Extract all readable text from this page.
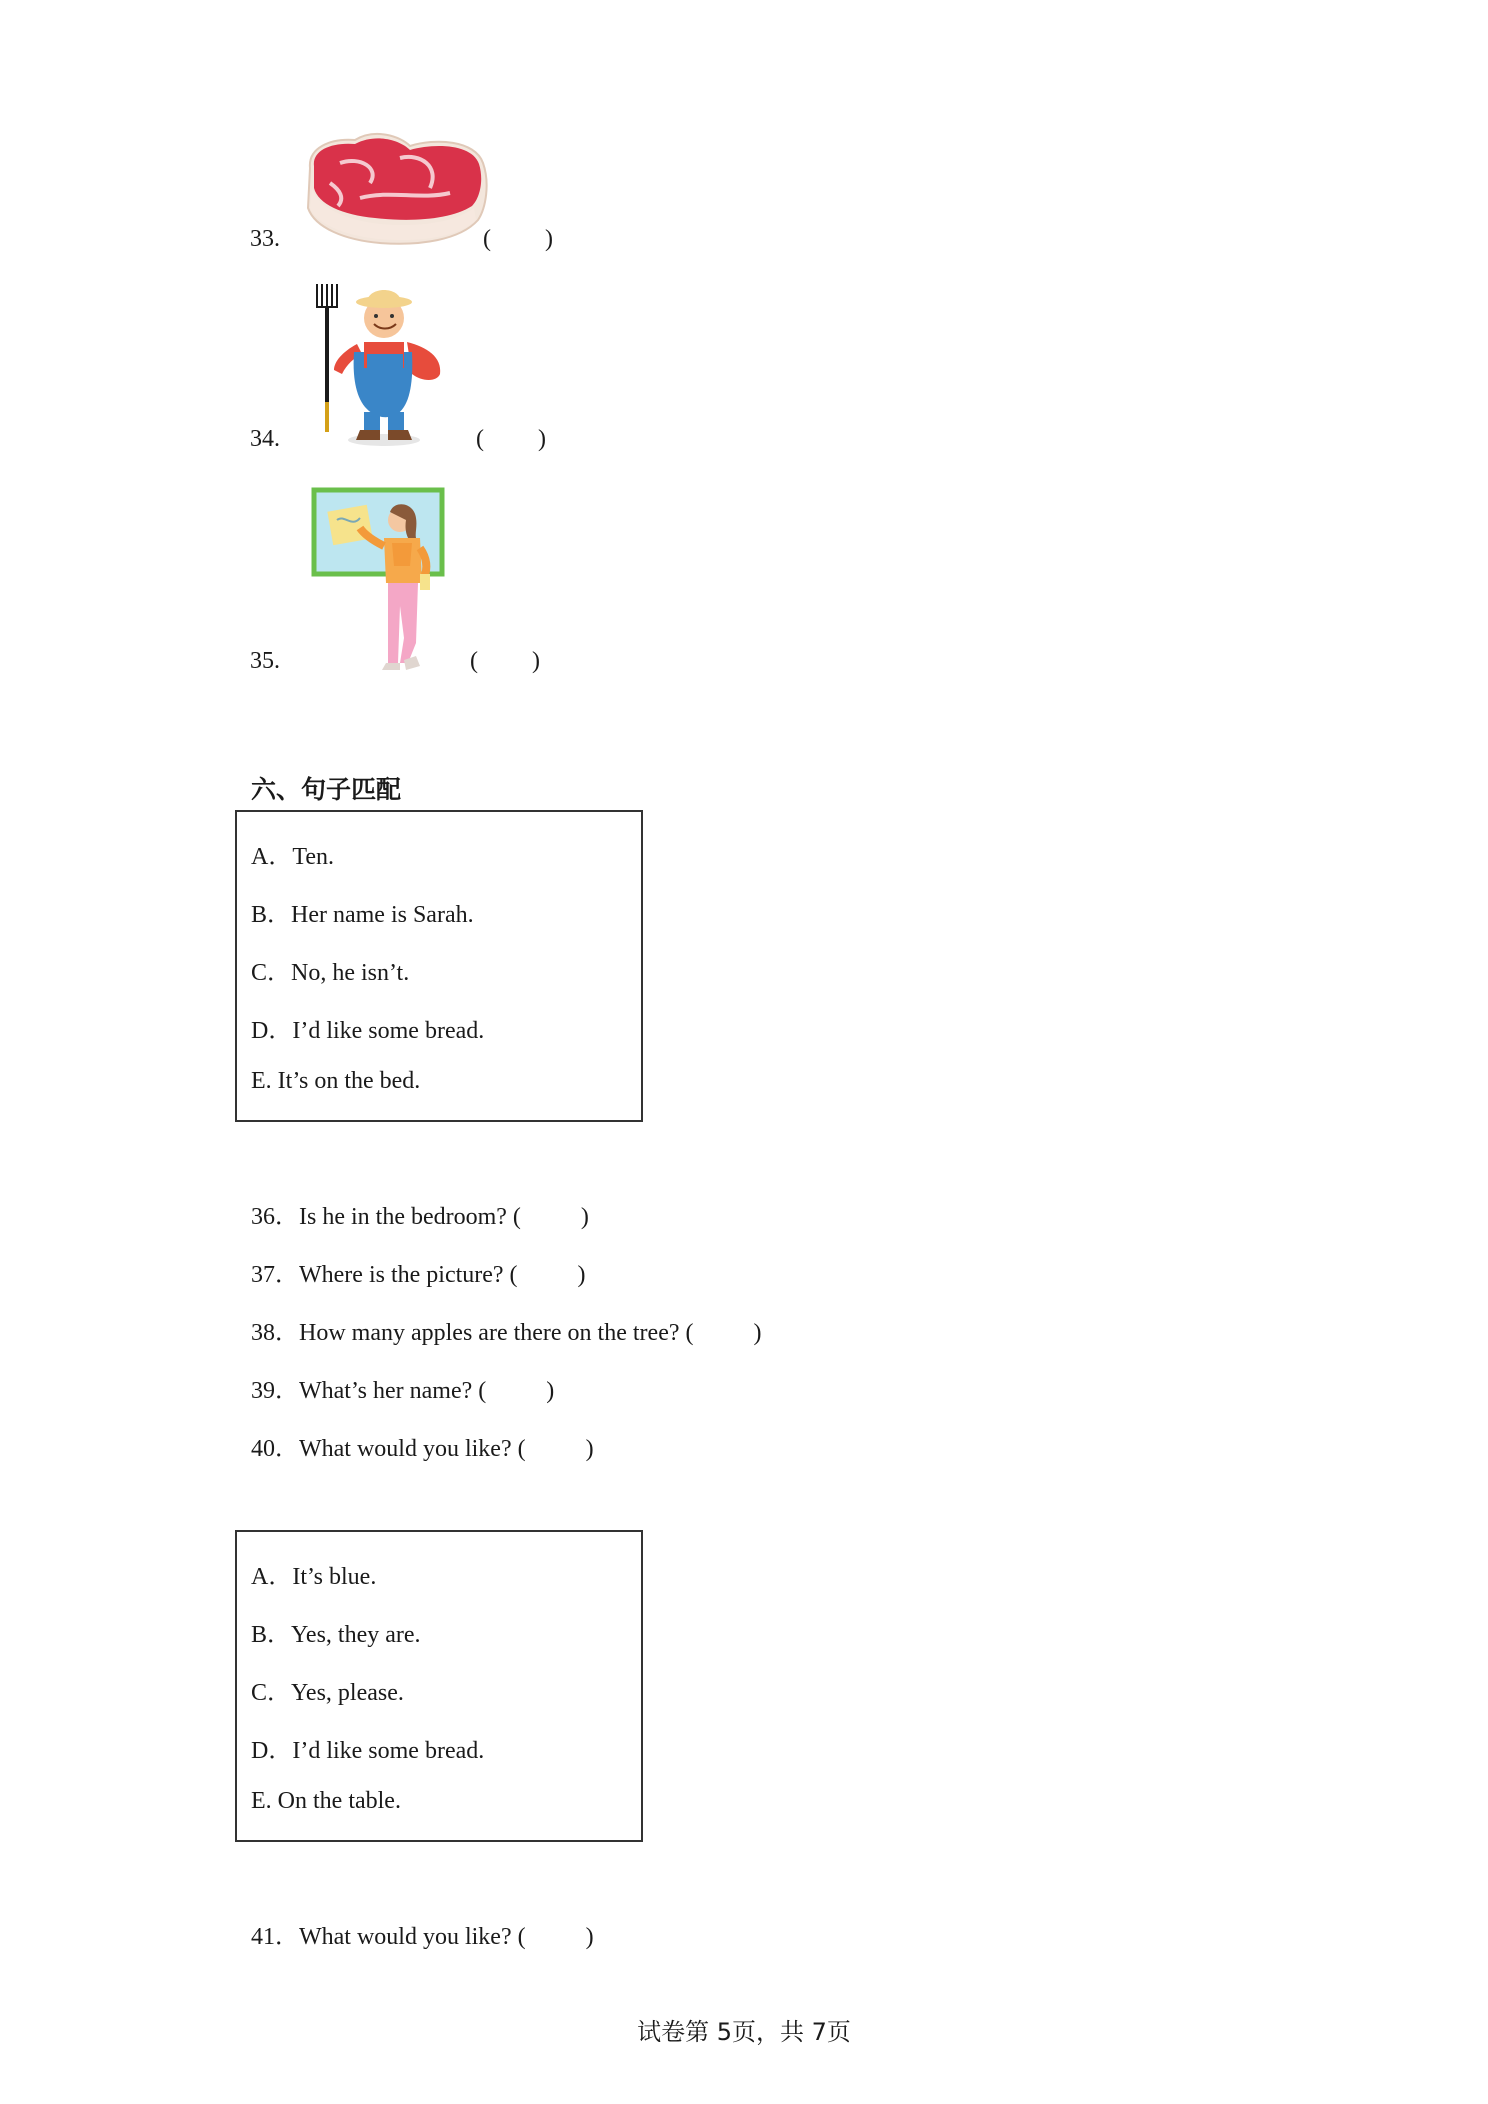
33.	(         )
34.	(         )
35.	(         )
六、句子匹配
A．Ten.
B．Her name is Sarah.
C．No, he isn’t.
D．I’d like some bread.
E. It’s on the bed.
36．Is he in the bedroom? (          )
37．Where is the picture? (          )
38．How many apples are there on the tree? (          )
39．What’s her name? (          )
40．What would you like? (          )
A．It’s blue.
B．Yes, they are.
C．Yes, please.
D．I’d like some bread.
E. On the table.
41．What would you like? (          )
试卷第 5页，共 7页
